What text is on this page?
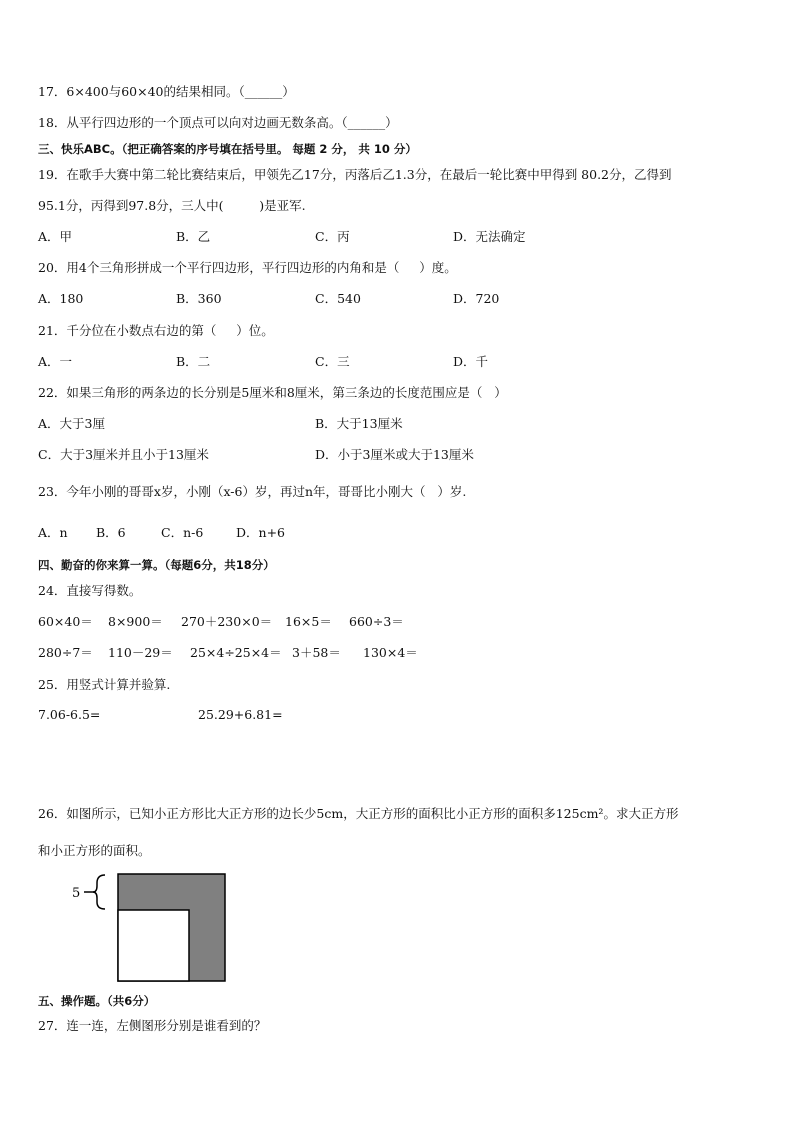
17．6×400与60×40的结果相同。（______）
18．从平行四边形的一个顶点可以向对边画无数条高。（______）
三、快乐ABC。（把正确答案的序号填在括号里。 每题 2 分， 共 10 分）
19．在歌手大赛中第二轮比赛结束后，甲领先乙17分，丙落后乙1.3分，在最后一轮比赛中甲得到 80.2分，乙得到
95.1分，丙得到97.8分，三人中(         )是亚军.
A．甲	B．乙	C．丙	D．无法确定
20．用4个三角形拼成一个平行四边形，平行四边形的内角和是（     ）度。
A．180	B．360	C．540	D．720
21．千分位在小数点右边的第（     ）位。
A．一	B．二	C．三	D．千
22．如果三角形的两条边的长分别是5厘米和8厘米，第三条边的长度范围应是（   ）
A．大于3厘	B．大于13厘米
C．大于3厘米并且小于13厘米	D．小于3厘米或大于13厘米
23．今年小刚的哥哥x岁，小刚（x-6）岁，再过n年，哥哥比小刚大（   ）岁.
A．n B．6	C．n-6	D．n+6
四、勤奋的你来算一算。（每题6分，共18分）
24．直接写得数。
60×40＝ 8×900＝ 270＋230×0＝ 16×5＝ 660÷3＝
280÷7＝ 110－29＝ 25×4÷25×4＝ 3＋58＝ 130×4＝
25．用竖式计算并验算.
7.06-6.5=	25.29+6.81=
26．如图所示，已知小正方形比大正方形的边长少5cm，大正方形的面积比小正方形的面积多125cm²。求大正方形
和小正方形的面积。
5
五、操作题。（共6分）
27．连一连，左侧图形分别是谁看到的？
